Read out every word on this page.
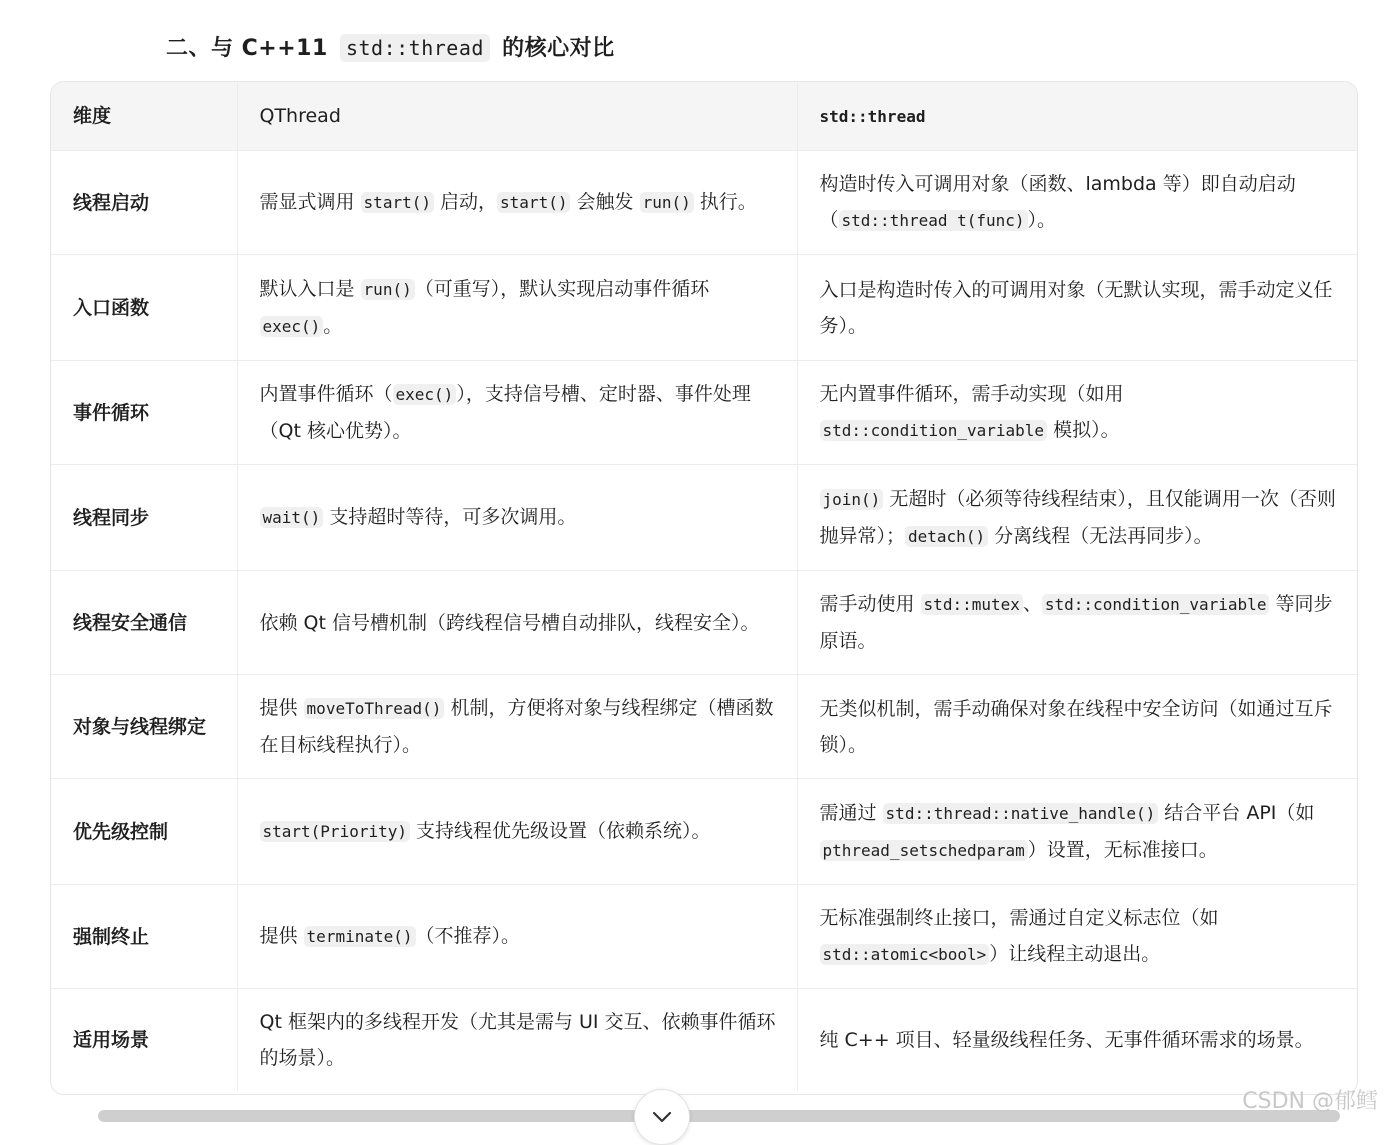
二、与 C++11 std::thread 的核心对比
维度	QThread	std::thread
线程启动	需显式调用 start() 启动， start() 会触发 run() 执行。	构造时传入可调用对象（函数、lambda 等）即自动启动（ std::thread t(func) ）。
入口函数	默认入口是 run() （可重写），默认实现启动事件循环 exec() 。	入口是构造时传入的可调用对象（无默认实现，需手动定义任务）。
事件循环	内置事件循环（ exec() ），支持信号槽、定时器、事件处理（Qt 核心优势）。	无内置事件循环，需手动实现（如用 std::condition_variable 模拟）。
线程同步	wait() 支持超时等待，可多次调用。	join() 无超时（必须等待线程结束），且仅能调用一次（否则抛异常）； detach() 分离线程（无法再同步）。
线程安全通信	依赖 Qt 信号槽机制（跨线程信号槽自动排队，线程安全）。	需手动使用 std::mutex 、 std::condition_variable 等同步原语。
对象与线程绑定	提供 moveToThread() 机制，方便将对象与线程绑定（槽函数在目标线程执行）。	无类似机制，需手动确保对象在线程中安全访问（如通过互斥锁）。
优先级控制	start(Priority) 支持线程优先级设置（依赖系统）。	需通过 std::thread::native_handle() 结合平台 API（如 pthread_setschedparam ）设置，无标准接口。
强制终止	提供 terminate() （不推荐）。	无标准强制终止接口，需通过自定义标志位（如 std::atomic<bool> ）让线程主动退出。
适用场景	Qt 框架内的多线程开发（尤其是需与 UI 交互、依赖事件循环的场景）。	纯 C++ 项目、轻量级线程任务、无事件循环需求的场景。
CSDN @郁鳕
